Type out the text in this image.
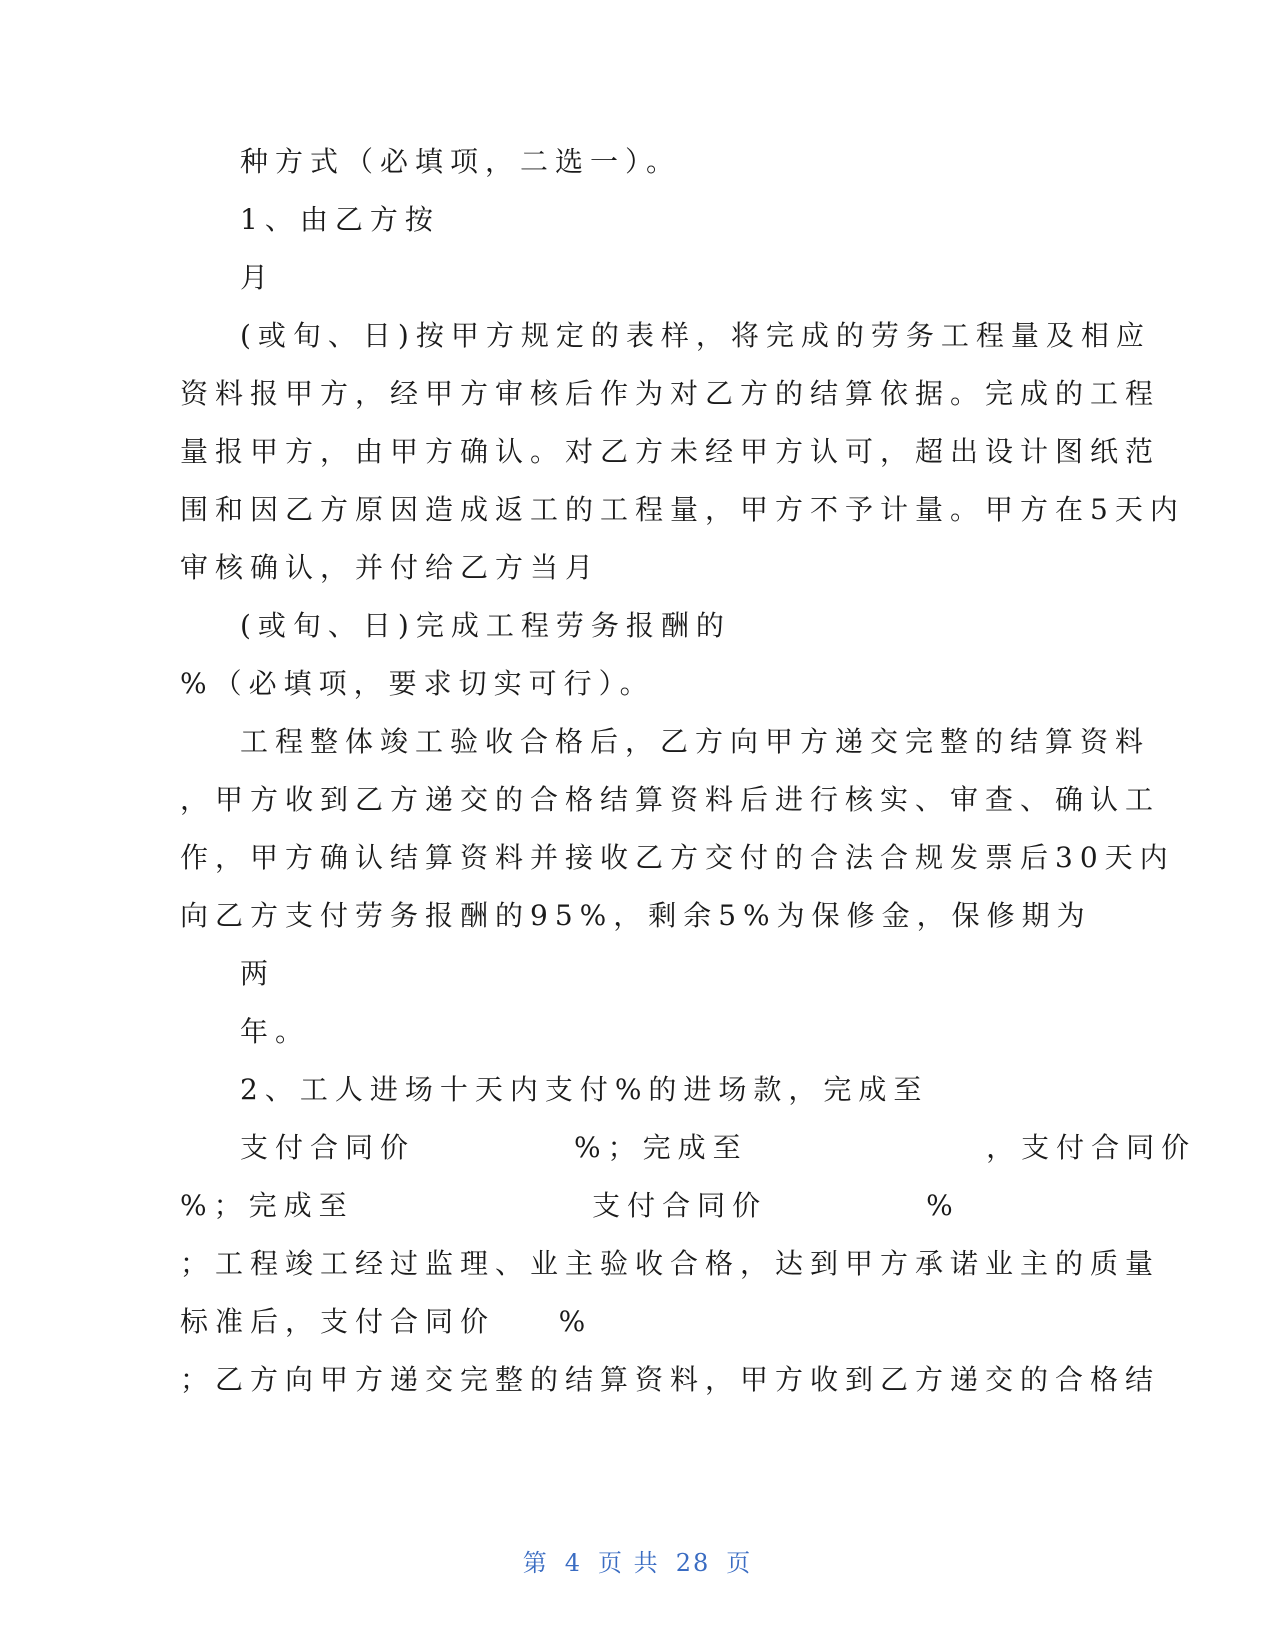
种方式（必填项，二选一）。
1、由乙方按
月
(或旬、日)按甲方规定的表样，将完成的劳务工程量及相应
资料报甲方，经甲方审核后作为对乙方的结算依据。完成的工程
量报甲方，由甲方确认。对乙方未经甲方认可，超出设计图纸范
围和因乙方原因造成返工的工程量，甲方不予计量。甲方在5天内
审核确认，并付给乙方当月
(或旬、日)完成工程劳务报酬的
%（必填项，要求切实可行）。
工程整体竣工验收合格后，乙方向甲方递交完整的结算资料
，甲方收到乙方递交的合格结算资料后进行核实、审查、确认工
作，甲方确认结算资料并接收乙方交付的合法合规发票后30天内
向乙方支付劳务报酬的95%，剩余5%为保修金，保修期为
两
年。
2、工人进场十天内支付%的进场款，完成至
支付合同价          %；完成至               ，支付合同价
%；完成至               支付合同价          %
；工程竣工经过监理、业主验收合格，达到甲方承诺业主的质量
标准后，支付合同价    %
；乙方向甲方递交完整的结算资料，甲方收到乙方递交的合格结
第 4 页 共 28 页
